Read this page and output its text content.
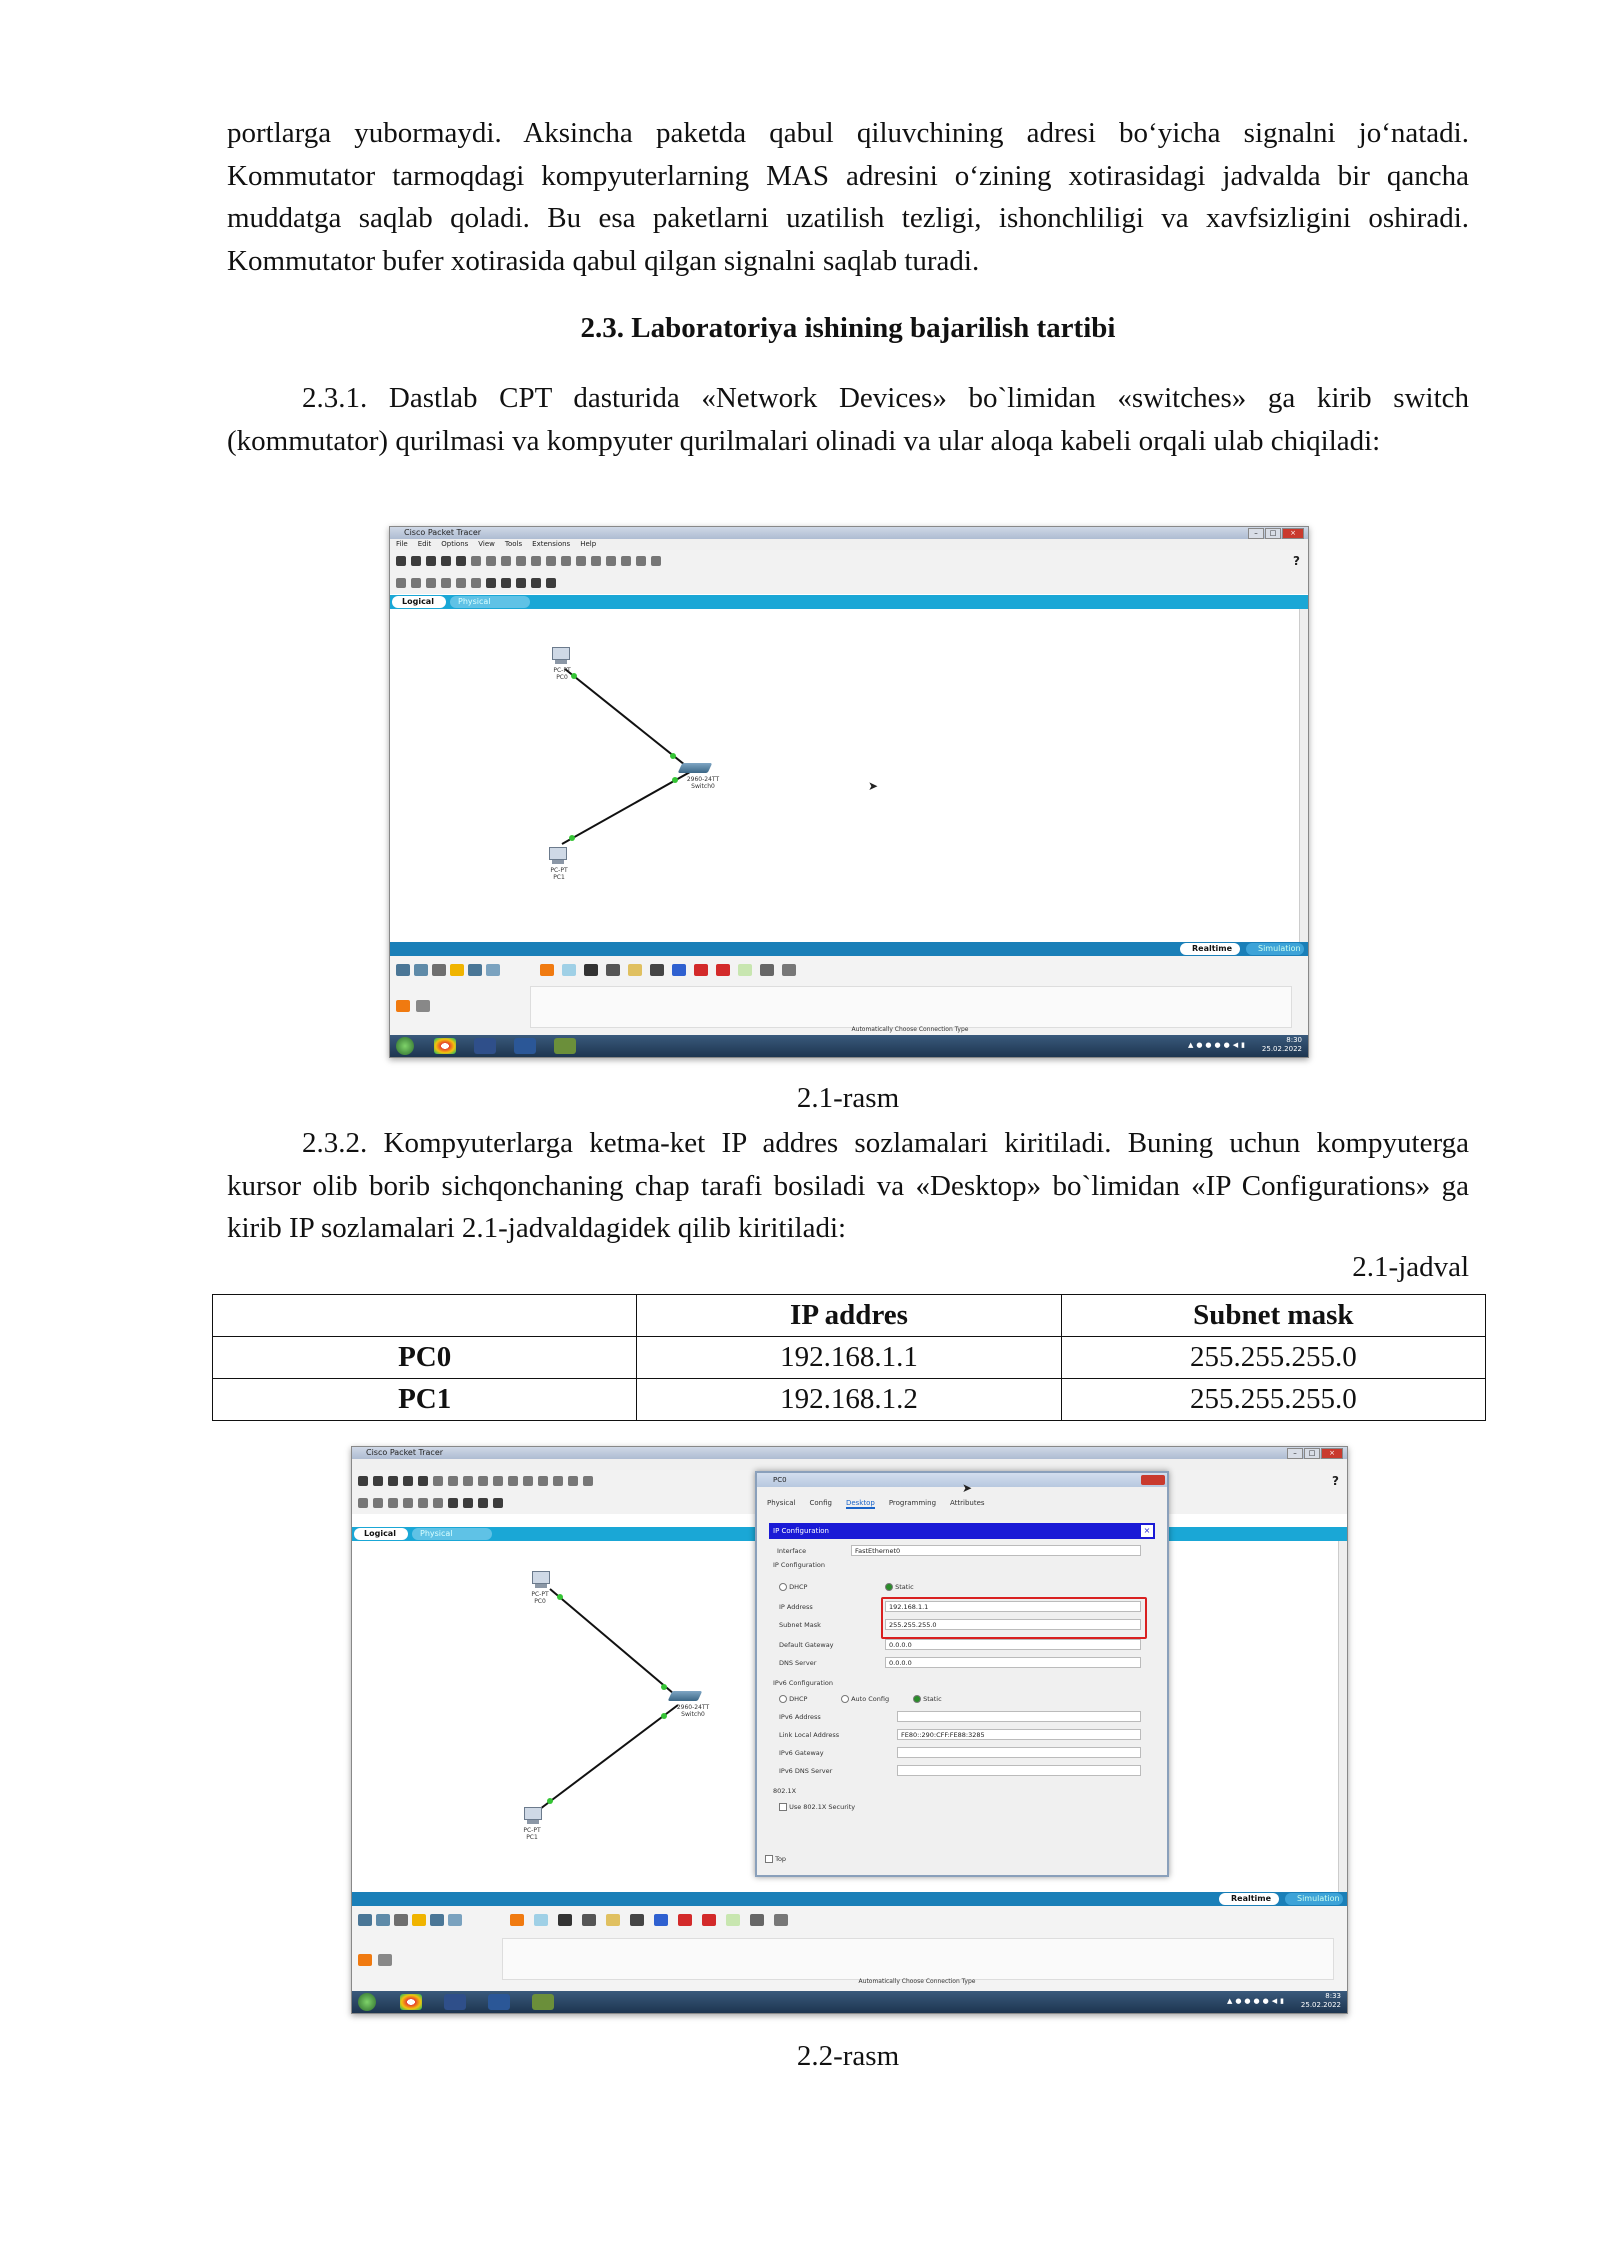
portlarga yubormaydi. Aksincha paketda qabul qiluvchining adresi bo‘yicha signalni jo‘natadi. Kommutator tarmoqdagi kompyuterlarning MAS adresini o‘zining xotirasidagi jadvalda bir qancha muddatga saqlab qoladi. Bu esa paketlarni uzatilish tezligi, ishonchliligi va xavfsizligini oshiradi. Kommutator bufer xotirasida qabul qilgan signalni saqlab turadi.

2.3. Laboratoriya ishining bajarilish tartibi

2.3.1. Dastlab CPT dasturida «Network Devices» bo`limidan «switches» ga kirib switch (kommutator) qurilmasi va kompyuter qurilmalari olinadi va ular aloqa kabeli orqali ulab chiqiladi:

Cisco Packet Tracer	–	□	×
File Edit Options View Tools Extensions Help
?
Logical	Physical
PC-PT
PC0
2960-24TT
Switch0
PC-PT
PC1
➤
Realtime	Simulation
Automatically Choose Connection Type
▲●●●●◀▮
8:30
25.02.2022

2.1-rasm

2.3.2. Kompyuterlarga ketma-ket IP addres sozlamalari kiritiladi. Buning uchun kompyuterga kursor olib borib sichqonchaning chap tarafi bosiladi va «Desktop» bo`limidan «IP Configurations» ga kirib IP sozlamalari 2.1-jadvaldagidek qilib kiritiladi:

2.1-jadval

	IP addres	Subnet mask
PC0	192.168.1.1	255.255.255.0
PC1	192.168.1.2	255.255.255.0
Cisco Packet Tracer	–	□	×
?
Logical	Physical
PC-PT
PC0
2960-24TT
Switch0
PC-PT
PC1
PC0
Physical Config Desktop Programming Attributes
IP Configuration	×
Interface	FastEthernet0
IP Configuration
DHCP	Static
IP Address	192.168.1.1
Subnet Mask	255.255.255.0
Default Gateway	0.0.0.0
DNS Server	0.0.0.0
IPv6 Configuration
DHCP	Auto Config	Static
IPv6 Address
Link Local Address	FE80::290:CFF:FE88:3285
IPv6 Gateway
IPv6 DNS Server
802.1X
Use 802.1X Security
Top
➤
Realtime	Simulation
Automatically Choose Connection Type
▲●●●●◀▮
8:33
25.02.2022

2.2-rasm
